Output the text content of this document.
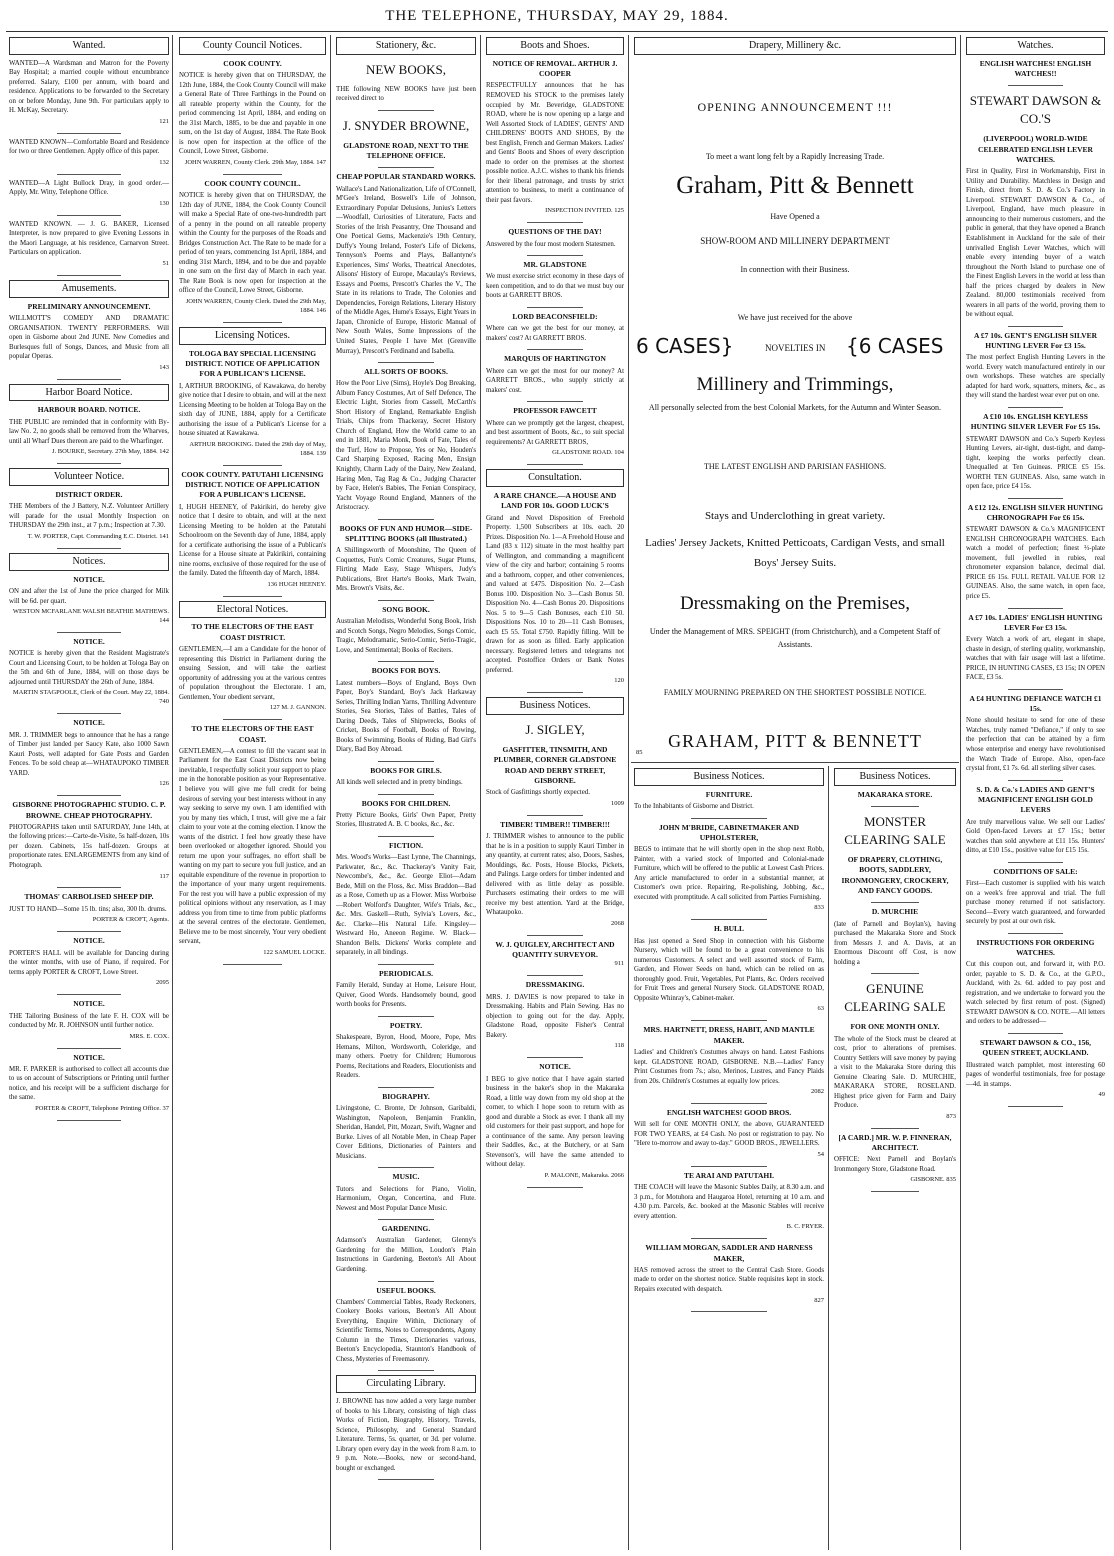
THE TELEPHONE, THURSDAY, MAY 29, 1884.
Wanted.

WANTED—A Wardsman and Matron for the Poverty Bay Hospital; a married couple without encumbrance preferred. Salary, £100 per annum, with board and residence. Applications to be forwarded to the Secretary on or before Monday, June 9th. For particulars apply to H. McKay, Secretary.

121

WANTED KNOWN—Comfortable Board and Residence for two or three Gentlemen. Apply office of this paper.

132

WANTED—A Light Bullock Dray, in good order.—Apply, Mr. Witty, Telephone Office.

130

WANTED KNOWN. — J. G. BAKER, Licensed Interpreter, is now prepared to give Evening Lessons in the Maori Language, at his residence, Carnarvon Street. Particulars on application.

51
Amusements.
PRELIMINARY ANNOUNCEMENT.

WILLMOTT'S COMEDY AND DRAMATIC ORGANISATION. TWENTY PERFORMERS. Will open in Gisborne about 2nd JUNE. New Comedies and Burlesques full of Songs, Dances, and Music from all popular Operas.

143
Harbor Board Notice.
HARBOUR BOARD. NOTICE.

THE PUBLIC are reminded that in conformity with By-law No. 2, no goods shall be removed from the Wharves, until all Wharf Dues thereon are paid to the Wharfinger.

J. BOURKE, Secretary. 27th May, 1884. 142
Volunteer Notice.
DISTRICT ORDER.

THE Members of the J Battery, N.Z. Volunteer Artillery will parade for the usual Monthly Inspection on THURSDAY the 29th inst., at 7 p.m.; Inspection at 7.30.

T. W. PORTER, Capt. Commanding E.C. District. 141
Notices.
NOTICE.

ON and after the 1st of June the price charged for Milk will be 6d. per quart.

WESTON MCFARLANE WALSH BEATHIE MATHEWS. 144
NOTICE.

NOTICE is hereby given that the Resident Magistrate's Court and Licensing Court, to be holden at Tologa Bay on the 5th and 6th of June, 1884, will on those days be adjourned until THURSDAY the 26th of June, 1884.

MARTIN STAGPOOLE, Clerk of the Court. May 22, 1884. 740
NOTICE.

MR. J. TRIMMER begs to announce that he has a range of Timber just landed per Saucy Kate, also 1000 Sawn Kauri Posts, well adapted for Gate Posts and Garden Fences. To be sold cheap at—WHATAUPOKO TIMBER YARD.

126
GISBORNE PHOTOGRAPHIC STUDIO. C. P. BROWNE. CHEAP PHOTOGRAPHY.

PHOTOGRAPHS taken until SATURDAY, June 14th, at the following prices:—Carte-de-Visite, 5s half-dozen, 10s per dozen. Cabinets, 15s half-dozen. Groups at proportionate rates. ENLARGEMENTS from any kind of Photograph.

117
THOMAS' CARBOLISED SHEEP DIP.

JUST TO HAND—Some 15 lb. tins; also, 300 lb. drums.

PORTER & CROFT, Agents.
NOTICE.

PORTER'S HALL will be available for Dancing during the winter months, with use of Piano, if required. For terms apply PORTER & CROFT, Lowe Street.

2095
NOTICE.

THE Tailoring Business of the late F. H. COX will be conducted by Mr. R. JOHNSON until further notice.

MRS. E. COX.
NOTICE.

MR. F. PARKER is authorised to collect all accounts due to us on account of Subscriptions or Printing until further notice, and his receipt will be a sufficient discharge for the same.

PORTER & CROFT, Telephone Printing Office. 37
County Council Notices.
COOK COUNTY.

NOTICE is hereby given that on THURSDAY, the 12th June, 1884, the Cook County Council will make a General Rate of Three Farthings in the Pound on all rateable property within the County, for the period commencing 1st April, 1884, and ending on the 31st March, 1885, to be due and payable in one sum, on the 1st day of August, 1884. The Rate Book is now open for inspection at the office of the Council, Lowe Street, Gisborne.

JOHN WARREN, County Clerk. 29th May, 1884. 147
COOK COUNTY COUNCIL.

NOTICE is hereby given that on THURSDAY, the 12th day of JUNE, 1884, the Cook County Council will make a Special Rate of one-two-hundredth part of a penny in the pound on all rateable property within the County for the purposes of the Roads and Bridges Construction Act. The Rate to be made for a period of ten years, commencing 1st April, 1884, and ending 31st March, 1894, and to be due and payable in one sum on the first day of March in each year. The Rate Book is now open for inspection at the office of the Council, Lowe Street, Gisborne.

JOHN WARREN, County Clerk. Dated the 29th May, 1884. 146
Licensing Notices.
TOLOGA BAY SPECIAL LICENSING DISTRICT. NOTICE OF APPLICATION FOR A PUBLICAN'S LICENSE.

I, ARTHUR BROOKING, of Kawakawa, do hereby give notice that I desire to obtain, and will at the next Licensing Meeting to be holden at Tologa Bay on the sixth day of JUNE, 1884, apply for a Certificate authorising the issue of a Publican's License for a house situated at Kawakawa.

ARTHUR BROOKING. Dated the 29th day of May, 1884. 139
COOK COUNTY. PATUTAHI LICENSING DISTRICT. NOTICE OF APPLICATION FOR A PUBLICAN'S LICENSE.

I, HUGH HEENEY, of Pakirikiri, do hereby give notice that I desire to obtain, and will at the next Licensing Meeting to be holden at the Patutahi Schoolroom on the Seventh day of June, 1884, apply for a certificate authorising the issue of a Publican's License for a House situate at Pakirikiri, containing nine rooms, exclusive of those required for the use of the family. Dated the fifteenth day of March, 1884.

136 HUGH HEENEY.
Electoral Notices.
TO THE ELECTORS OF THE EAST COAST DISTRICT.

GENTLEMEN,—I am a Candidate for the honor of representing this District in Parliament during the ensuing Session, and will take the earliest opportunity of addressing you at the various centres of population throughout the Electorate. I am, Gentlemen, Your obedient servant,

127 M. J. GANNON.
TO THE ELECTORS OF THE EAST COAST.

GENTLEMEN,—A contest to fill the vacant seat in Parliament for the East Coast Districts now being inevitable, I respectfully solicit your support to place me in the honorable position as your Representative. I believe you will give me full credit for being desirous of serving your best interests without in any way seeking to serve my own. I am identified with you by many ties which, I trust, will give me a fair claim to your vote at the coming election. I know the wants of the district. I feel how greatly these have been overlooked or altogether ignored. Should you return me upon your suffrages, no effort shall be wanting on my part to secure you full justice, and an equitable expenditure of the revenue in proportion to the importance of your many urgent requirements. For the rest you will have a public expression of my political opinions without any reservation, as I may address you from time to time from public platforms at the several centres of the electorate. Gentlemen, Believe me to be most sincerely, Your very obedient servant,

122 SAMUEL LOCKE.
Stationery, &c.
NEW BOOKS,

THE following NEW BOOKS have just been received direct to

J. SNYDER BROWNE,
GLADSTONE ROAD, NEXT TO THE TELEPHONE OFFICE.
CHEAP POPULAR STANDARD WORKS.

Wallace's Land Nationalization, Life of O'Connell, M'Gee's Ireland, Boswell's Life of Johnson, Extraordinary Popular Delusions, Junius's Letters—Woodfall, Curiosities of Literature, Facts and Stories of the Irish Peasantry, One Thousand and One Poetical Gems, Mackenzie's 19th Century, Duffy's Young Ireland, Foster's Life of Dickens, Tennyson's Poems and Plays, Ballantyne's Experiences, Sims' Works, Theatrical Anecdotes, Alisons' History of Europe, Macaulay's Reviews, Essays and Poems, Prescott's Charles the V., The State in its relations to Trade, The Colonies and Dependencies, Foreign Relations, Literary History of the Middle Ages, Hume's Essays, Eight Years in Japan, Chronicle of Europe, Historic Manual of New South Wales, Some Impressions of the United States, People I have Met (Grenville Murray), Prescott's Ferdinand and Isabella.

ALL SORTS OF BOOKS.

How the Poor Live (Sims), Hoyle's Dog Breaking, Album Fancy Costumes, Art of Self Defence, The Electric Light, Stories from Cassell, McCarth's Short History of England, Remarkable English Trials, Chips from Thackeray, Secret History Church of England, How the World came to an end in 1881, Maria Monk, Book of Fate, Tales of the Turf, How to Propose, Yes or No, Houden's Card Sharping Exposed, Racing Men, Ensign Knightly, Charm Lady of the Dairy, New Zealand, Haring Men, Tag Rag & Co., Judging Character by Face, Helen's Babies, The Fenian Conspiracy, Yacht Voyage Round England, Manners of the Aristocracy.

BOOKS OF FUN AND HUMOR—SIDE-SPLITTING BOOKS (all Illustrated.)

A Shillingsworth of Moonshine, The Queen of Coquettes, Fun's Comic Creatures, Sugar Plums, Flirting Made Easy, Stage Whispers, Judy's Publications, Bret Harte's Books, Mark Twain, Mrs. Brown's Visits, &c.

SONG BOOK.

Australian Melodists, Wonderful Song Book, Irish and Scotch Songs, Negro Melodies, Songs Comic, Tragic, Melodramatic, Serio-Comic, Serio-Tragic, Love, and Sentimental; Books of Reciters.

BOOKS FOR BOYS.

Latest numbers—Boys of England, Boys Own Paper, Boy's Standard, Boy's Jack Harkaway Series, Thrilling Indian Yarns, Thrilling Adventure Stories, Sea Stories, Tales of Battles, Tales of Daring Deeds, Tales of Shipwrecks, Books of Cricket, Books of Football, Books of Rowing, Books of Swimming, Books of Riding, Bad Girl's Diary, Bad Boy Abroad.

BOOKS FOR GIRLS.

All kinds well selected and in pretty bindings.

BOOKS FOR CHILDREN.

Pretty Picture Books, Girls' Own Paper, Pretty Stories, Illustrated A. B. C books, &c., &c.

FICTION.

Mrs. Wood's Works—East Lynne, The Channings, Parkwater, &c., &c. Thackeray's Vanity Fair, Newcombe's, &c., &c. George Eliot—Adam Bede, Mill on the Floss, &c. Miss Braddon—Bad as a Rose, Cometh up as a Flower. Miss Worboise—Robert Wolford's Daughter, Wife's Trials, &c., &c. Mrs. Gaskell—Ruth, Sylvia's Lovers, &c., &c. Clarke—His Natural Life. Kingsley—Westward Ho, Aneeon Regime. W. Black—Shandon Bells. Dickens' Works complete and separately, in all bindings.

PERIODICALS.

Family Herald, Sunday at Home, Leisure Hour, Quiver, Good Words. Handsomely bound, good worth books for Presents.

POETRY.

Shakespeare, Byron, Hood, Moore, Pope, Mrs Hemans, Milton, Wordsworth, Coleridge, and many others. Poetry for Children; Humorous Poems, Recitations and Readers, Elocutionists and Readers.

BIOGRAPHY.

Livingstone, C. Bronte, Dr Johnson, Garibaldi, Washington, Napoleon, Benjamin Franklin, Sheridan, Handel, Pitt, Mozart, Swift, Wagner and Burke. Lives of all Notable Men, in Cheap Paper Cover Editions, Dictionaries of Painters and Musicians.

MUSIC.

Tutors and Selections for Piano, Violin, Harmonium, Organ, Concertina, and Flute. Newest and Most Popular Dance Music.

GARDENING.

Adamson's Australian Gardener, Glenny's Gardening for the Million, Loudon's Plain Instructions in Gardening, Beeton's All About Gardening.

USEFUL BOOKS.

Chambers' Commercial Tables, Ready Reckoners, Cookery Books various, Beeton's All About Everything, Enquire Within, Dictionary of Scientific Terms, Notes to Correspondents, Agony Column in the Times, Dictionaries various, Beeton's Encyclopedia, Staunton's Handbook of Chess, Mysteries of Freemasonry.

Circulating Library.

J. BROWNE has now added a very large number of books to his Library, consisting of high class Works of Fiction, Biography, History, Travels, Science, Philosophy, and General Standard Literature. Terms, 5s. quarter, or 3d. per volume. Library open every day in the week from 8 a.m. to 9 p.m. Note.—Books, new or second-hand, bought or exchanged.

Boots and Shoes.
NOTICE OF REMOVAL. ARTHUR J. COOPER

RESPECTFULLY announces that he has REMOVED his STOCK to the premises lately occupied by Mr. Beveridge, GLADSTONE ROAD, where he is now opening up a large and Well Assorted Stock of LADIES', GENTS' AND CHILDRENS' BOOTS AND SHOES, By the best English, French and German Makers. Ladies' and Gents' Boots and Shoes of every description made to order on the premises at the shortest possible notice. A.J.C. wishes to thank his friends for their liberal patronage, and trusts by strict attention to business, to merit a continuance of their past favors.

INSPECTION INVITED. 125
QUESTIONS OF THE DAY!

Answered by the four most modern Statesmen.

MR. GLADSTONE

We must exercise strict economy in these days of keen competition, and to do that we must buy our boots at GARRETT BROS.

LORD BEACONSFIELD:

Where can we get the best for our money, at makers' cost? At GARRETT BROS.

MARQUIS OF HARTINGTON

Where can we get the most for our money? At GARRETT BROS., who supply strictly at makers' cost.

PROFESSOR FAWCETT

Where can we promptly get the largest, cheapest, and best assortment of Boots, &c., to suit special requirements? At GARRETT BROS,

GLADSTONE ROAD. 104
Consultation.
A RARE CHANCE.—A HOUSE AND LAND FOR 10s. GOOD LUCK'S

Grand and Novel Disposition of Freehold Property. 1,500 Subscribers at 10s. each. 20 Prizes. Disposition No. 1—A Freehold House and Land (83 x 112) situate in the most healthy part of Wellington, and commanding a magnificent view of the city and harbor; containing 5 rooms and a bathroom, copper, and other conveniences, and valued at £475. Disposition No. 2—Cash Bonus 100. Disposition No. 3—Cash Bonus 50. Disposition No. 4—Cash Bonus 20. Dispositions Nos. 5 to 9—5 Cash Bonuses, each £10 50. Dispositions Nos. 10 to 20—11 Cash Bonuses, each £5 55. Total £750. Rapidly filling. Will be drawn for as soon as filled. Early application necessary. Registered letters and telegrams not accepted. Postoffice Orders or Bank Notes preferred.

120
Business Notices.
J. SIGLEY,
GASFITTER, TINSMITH, AND PLUMBER, CORNER GLADSTONE ROAD AND DERBY STREET, GISBORNE.

Stock of Gasfittings shortly expected.

1009
TIMBER! TIMBER!! TIMBER!!!

J. TRIMMER wishes to announce to the public that he is in a position to supply Kauri Timber in any quantity, at current rates; also, Doors, Sashes, Mouldings, &c. Posts, House Blocks, Pickets, and Palings. Large orders for timber indented and delivered with as little delay as possible. Purchasers estimating their orders to me will receive my best attention. Yard at the Bridge, Whataupoko.

2068
W. J. QUIGLEY, ARCHITECT AND QUANTITY SURVEYOR.
911
DRESSMAKING.

MRS. J. DAVIES is now prepared to take in Dressmaking. Habits and Plain Sewing. Has no objection to going out for the day. Apply, Gladstone Road, opposite Fisher's Central Bakery.

118
NOTICE.

I BEG to give notice that I have again started business in the baker's shop in the Makaraka Road, a little way down from my old shop at the corner, to which I hope soon to return with as good and durable a Stock as ever. I thank all my old customers for their past support, and hope for a continuance of the same. Any person leaving their Saddles, &c., at the Butchery, or at Sam Stevenson's, will have the same attended to without delay.

P. MALONE, Makaraka. 2066
Drapery, Millinery &c.
Business Notices.
FURNITURE.

To the Inhabitants of Gisborne and District.

JOHN M'BRIDE, CABINETMAKER AND UPHOLSTERER,

BEGS to intimate that he will shortly open in the shop next Robb, Painter, with a varied stock of Imported and Colonial-made Furniture, which will be offered to the public at Lowest Cash Prices. Any article manufactured to order in a substantial manner, at Customer's own price. Repairing, Re-polishing, Jobbing, &c., executed with promptitude. A call solicited from Parties Furnishing.

833
H. BULL

Has just opened a Seed Shop in connection with his Gisborne Nursery, which will be found to be a great convenience to his numerous Customers. A select and well assorted stock of Farm, Garden, and Flower Seeds on hand, which can be relied on as thoroughly good. Fruit, Vegetables, Pot Plants, &c. Orders received for Fruit Trees and general Nursery Stock. GLADSTONE ROAD, Opposite Whinray's, Cabinet-maker.

63
MRS. HARTNETT, DRESS, HABIT, AND MANTLE MAKER.

Ladies' and Children's Costumes always on hand. Latest Fashions kept. GLADSTONE ROAD, GISBORNE. N.B.—Ladies' Fancy Print Costumes from 7s.; also, Merinos, Lustres, and Fancy Plaids from 20s. Children's Costumes at equally low prices.

2082
ENGLISH WATCHES! GOOD BROS.

Will sell for ONE MONTH ONLY, the above, GUARANTEED FOR TWO YEARS, at £4 Cash. No post or registration to pay. No "Here to-morrow and away to-day." GOOD BROS., JEWELLERS.

54
TE ARAI AND PATUTAHI.

THE COACH will leave the Masonic Stables Daily, at 8.30 a.m. and 3 p.m., for Motuhora and Haugaroa Hotel, returning at 10 a.m. and 4.30 p.m. Parcels, &c. booked at the Masonic Stables will receive every attention.

B. C. FRYER.
WILLIAM MORGAN, SADDLER AND HARNESS MAKER,

HAS removed across the street to the Central Cash Store. Goods made to order on the shortest notice. Stable requisites kept in stock. Repairs executed with despatch.

827
Business Notices.
MAKARAKA STORE.
MONSTER CLEARING SALE
OF DRAPERY, CLOTHING, BOOTS, SADDLERY, IRONMONGERY, CROCKERY, AND FANCY GOODS.
D. MURCHIE

(late of Parnell and Boylan's), having purchased the Makaraka Store and Stock from Messrs J. and A. Davis, at an Enormous Discount off Cost, is now holding a

GENUINE CLEARING SALE
FOR ONE MONTH ONLY.

The whole of the Stock must be cleared at cost, prior to alterations of premises. Country Settlers will save money by paying a visit to the Makaraka Store during this Genuine Clearing Sale. D. MURCHIE, MAKARAKA STORE, ROSELAND. Highest price given for Farm and Dairy Produce.

873
[A CARD.] MR. W. P. FINNERAN, ARCHITECT.

OFFICE: Next Parnell and Boylan's Ironmongery Store, Gladstone Road.

GISBORNE. 835
Watches.
ENGLISH WATCHES! ENGLISH WATCHES!!
STEWART DAWSON & CO.'S
(LIVERPOOL) WORLD-WIDE CELEBRATED ENGLISH LEVER WATCHES.

First in Quality, First in Workmanship, First in Utility and Durability. Matchless in Design and Finish, direct from S. D. & Co.'s Factory in Liverpool. STEWART DAWSON & Co., of Liverpool, England, have much pleasure in announcing to their numerous customers, and the public in general, that they have opened a Branch Establishment in Auckland for the sale of their unrivalled English Lever Watches, which will enable every intending buyer of a watch throughout the North Island to purchase one of the Finest English Levers in the world at less than half the prices charged by dealers in New Zealand. 80,000 testimonials received from wearers in all parts of the world, proving them to be without equal.

A £7 10s. GENT'S ENGLISH SILVER HUNTING LEVER For £3 15s.

The most perfect English Hunting Levers in the world. Every watch manufactured entirely in our own workshops. These watches are specially adapted for hard work, squatters, miners, &c., as they will stand the hardest wear ever put on one.

A £10 10s. ENGLISH KEYLESS HUNTING SILVER LEVER For £5 15s.

STEWART DAWSON and Co.'s Superb Keyless Hunting Levers, air-tight, dust-tight, and damp-tight, keeping the works perfectly clean. Unequalled at Ten Guineas. PRICE £5 15s. WORTH TEN GUINEAS. Also, same watch in open face, price £4 15s.

A £12 12s. ENGLISH SILVER HUNTING CHRONOGRAPH For £6 15s.

STEWART DAWSON & Co.'s MAGNIFICENT ENGLISH CHRONOGRAPH WATCHES. Each watch a model of perfection; finest ⅔-plate movement, full jewelled in rubies, real chronometer expansion balance, decimal dial. PRICE £6 15s. FULL RETAIL VALUE FOR 12 GUINEAS. Also, the same watch, in open face, price £5.

A £7 10s. LADIES' ENGLISH HUNTING LEVER For £3 15s.

Every Watch a work of art, elegant in shape, chaste in design, of sterling quality, workmanship, watches that with fair usage will last a lifetime. PRICE, IN HUNTING CASES, £3 15s; IN OPEN FACE, £3 5s.

A £4 HUNTING DEFIANCE WATCH £1 15s.

None should hesitate to send for one of these Watches, truly named "Defiance," if only to see the perfection that can be attained by a firm whose enterprise and energy have revolutionised the Watch Trade of Europe. Also, open-face crystal front, £1 7s. 6d. all sterling silver cases.

S. D. & Co.'s LADIES AND GENT'S MAGNIFICENT ENGLISH GOLD LEVERS

Are truly marvellous value. We sell our Ladies' Gold Open-faced Levers at £7 15s.; better watches than sold anywhere at £11 15s. Hunters' ditto, at £10 15s., positive value for £15 15s.

CONDITIONS OF SALE:

First—Each customer is supplied with his watch on a week's free approval and trial. The full purchase money returned if not satisfactory. Second—Every watch guaranteed, and forwarded securely by post at our own risk.

INSTRUCTIONS FOR ORDERING WATCHES.

Cut this coupon out, and forward it, with P.O. order, payable to S. D. & Co., at the G.P.O., Auckland, with 2s. 6d. added to pay post and registration, and we undertake to forward you the watch selected by first return of post. (Signed) STEWART DAWSON & CO. NOTE.—All letters and orders to be addressed—

STEWART DAWSON & CO., 156, QUEEN STREET, AUCKLAND.

Illustrated watch pamphlet, most interesting 60 pages of wonderful testimonials, free for postage—4d. in stamps.

49
OPENING ANNOUNCEMENT !!!
To meet a want long felt by a Rapidly Increasing Trade.
Graham, Pitt & Bennett
Have Opened a
SHOW-ROOM AND MILLINERY DEPARTMENT
In connection with their Business.
We have just received for the above
6 CASES}	NOVELTIES IN {6 CASES
Millinery and Trimmings,
All personally selected from the best Colonial Markets, for the Autumn and Winter Season.
THE LATEST ENGLISH AND PARISIAN FASHIONS.
Stays and Underclothing in great variety.
Ladies' Jersey Jackets, Knitted Petticoats, Cardigan Vests, and small Boys' Jersey Suits.
Dressmaking on the Premises,
Under the Management of MRS. SPEIGHT (from Christchurch), and a Competent Staff of Assistants.
FAMILY MOURNING PREPARED ON THE SHORTEST POSSIBLE NOTICE.
GRAHAM, PITT & BENNETT
85
